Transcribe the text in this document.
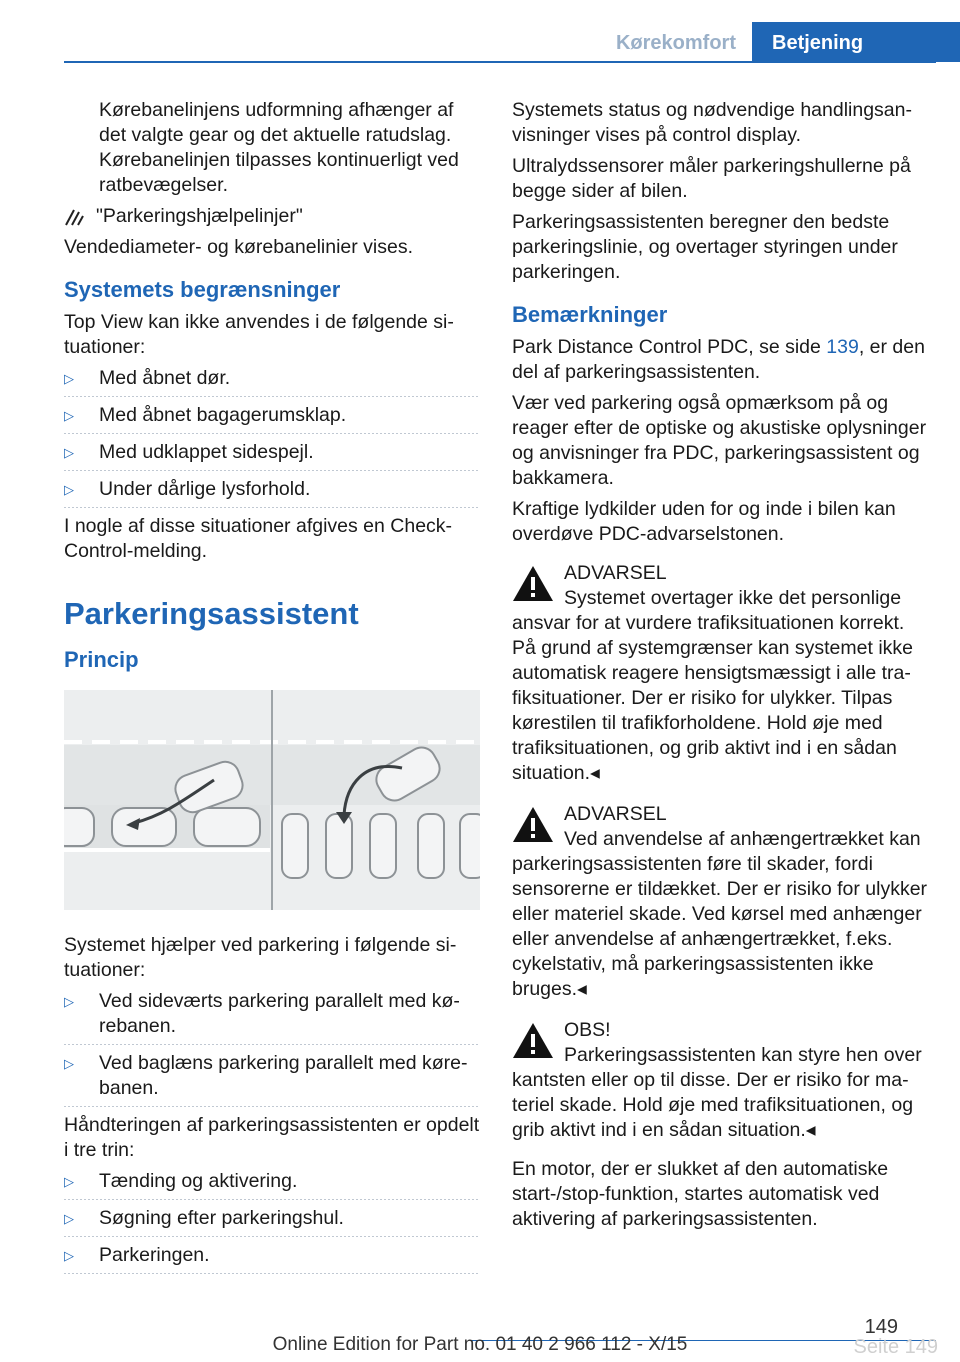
Kørekomfort	Betjening

Kørebanelinjens udformning afhænger af det valgte gear og det aktuelle ratudslag. Kørebanelinjen tilpasses kontinuerligt ved ratbevægelser.

"Parkeringshjælpelinjer"

Vendediameter- og kørebanelinier vises.

Systemets begrænsninger

Top View kan ikke anvendes i de følgende situationer:

▷ Med åbnet dør.
▷ Med åbnet bagagerumsklap.
▷ Med udklappet sidespejl.
▷ Under dårlige lysforhold.

I nogle af disse situationer afgives en Check-Control-melding.

Parkeringsassistent
Princip

Systemet hjælper ved parkering i følgende situationer:

▷ Ved sideværts parkering parallelt med kørebanen.
▷ Ved baglæns parkering parallelt med kørebanen.

Håndteringen af parkeringsassistenten er opdelt i tre trin:

▷ Tænding og aktivering.
▷ Søgning efter parkeringshul.
▷ Parkeringen.

Systemets status og nødvendige handlingsanvisninger vises på control display.

Ultralydssensorer måler parkeringshullerne på begge sider af bilen.

Parkeringsassistenten beregner den bedste parkeringslinie, og overtager styringen under parkeringen.

Bemærkninger

Park Distance Control PDC, se side 139, er den del af parkeringsassistenten.

Vær ved parkering også opmærksom på og reager efter de optiske og akustiske oplysninger og anvisninger fra PDC, parkeringsassistent og bakkamera.

Kraftige lydkilder uden for og inde i bilen kan overdøve PDC-advarselstonen.

ADVARSEL
Systemet overtager ikke det personlige ansvar for at vurdere trafiksituationen korrekt. På grund af systemgrænser kan systemet ikke automatisk reagere hensigtsmæssigt i alle trafiksituationer. Der er risiko for ulykker. Tilpas kørestilen til trafikforholdene. Hold øje med trafiksituationen, og grib aktivt ind i en sådan situation.◂
ADVARSEL
Ved anvendelse af anhængertrækket kan parkeringsassistenten føre til skader, fordi sensorerne er tildækket. Der er risiko for ulykker eller materiel skade. Ved kørsel med anhænger eller anvendelse af anhængertrækket, f.eks. cykelstativ, må parkeringsassistenten ikke bruges.◂
OBS!
Parkeringsassistenten kan styre hen over kantsten eller op til disse. Der er risiko for materiel skade. Hold øje med trafiksituationen, og grib aktivt ind i en sådan situation.◂

En motor, der er slukket af den automatiske start-/stop-funktion, startes automatisk ved aktivering af parkeringsassistenten.

149
Seite 149
Online Edition for Part no. 01 40 2 966 112 - X/15
